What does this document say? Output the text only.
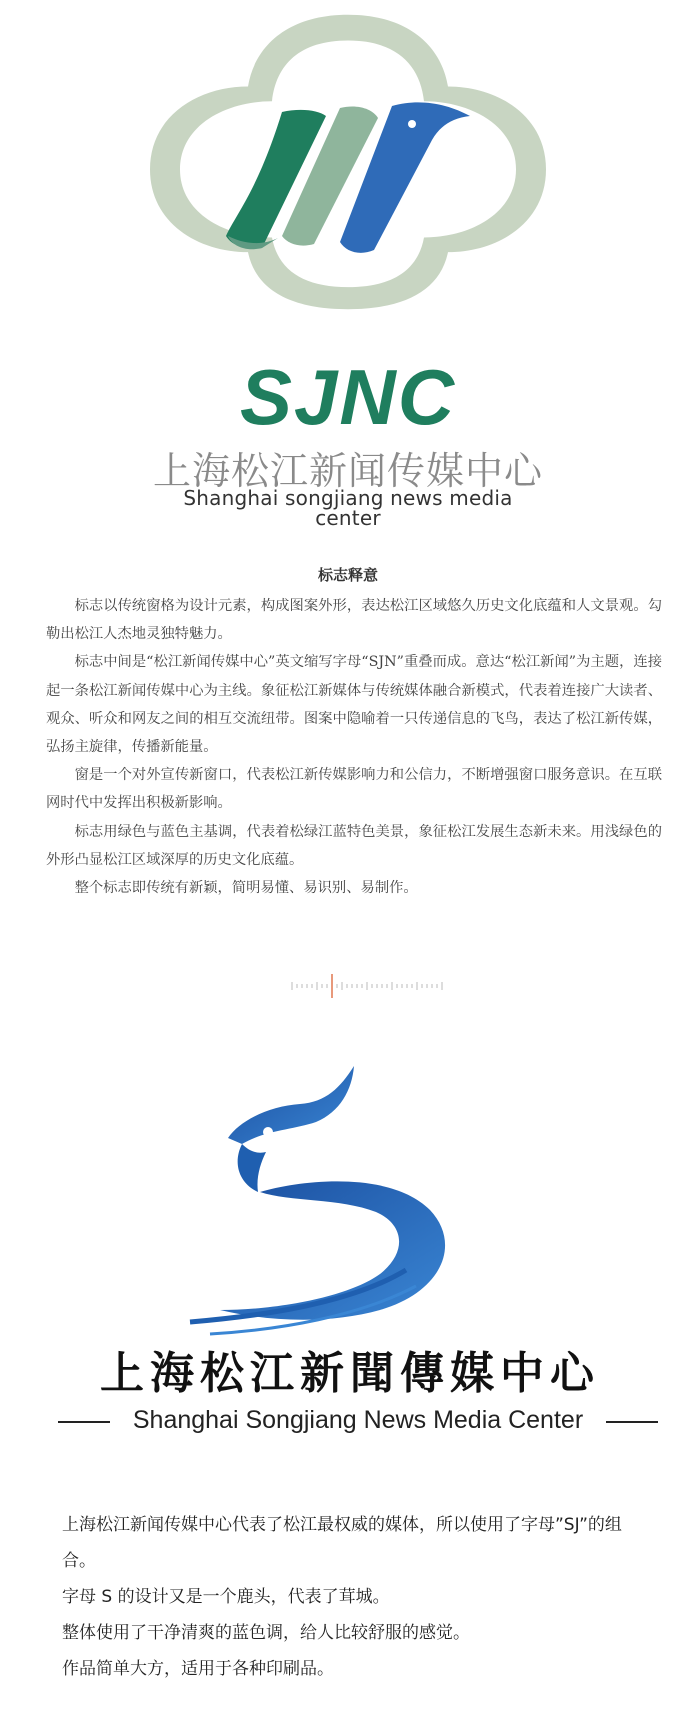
SJNC
上海松江新闻传媒中心
Shanghai songjiang news media center
标志释意

标志以传统窗格为设计元素，构成图案外形，表达松江区域悠久历史文化底蕴和人文景观。勾勒出松江人杰地灵独特魅力。

标志中间是“松江新闻传媒中心”英文缩写字母“SJN”重叠而成。意达“松江新闻”为主题，连接起一条松江新闻传媒中心为主线。象征松江新媒体与传统媒体融合新模式，代表着连接广大读者、观众、听众和网友之间的相互交流纽带。图案中隐喻着一只传递信息的飞鸟，表达了松江新传媒，弘扬主旋律，传播新能量。

窗是一个对外宣传新窗口，代表松江新传媒影响力和公信力，不断增强窗口服务意识。在互联网时代中发挥出积极新影响。

标志用绿色与蓝色主基调，代表着松绿江蓝特色美景，象征松江发展生态新未来。用浅绿色的外形凸显松江区域深厚的历史文化底蕴。

整个标志即传统有新颖，简明易懂、易识别、易制作。

上海松江新聞傳媒中心
Shanghai Songjiang News Media Center

上海松江新闻传媒中心代表了松江最权威的媒体，所以使用了字母”SJ”的组合。

字母 S 的设计又是一个鹿头，代表了茸城。

整体使用了干净清爽的蓝色调，给人比较舒服的感觉。

作品简单大方，适用于各种印刷品。
